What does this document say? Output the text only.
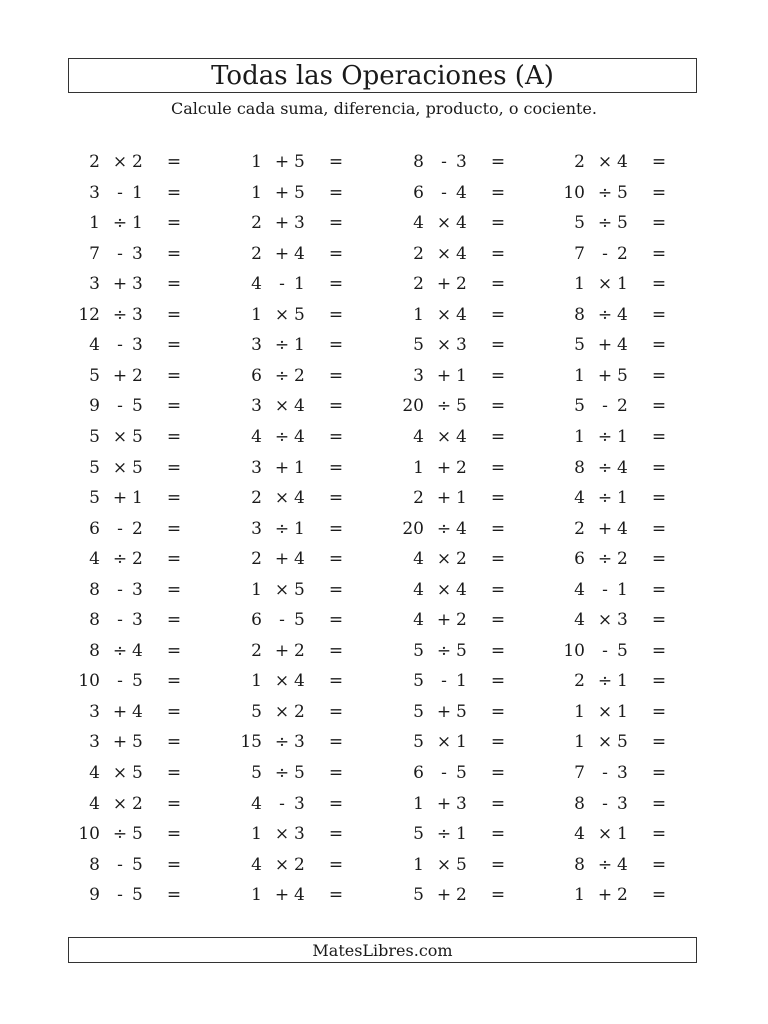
Todas las Operaciones (A)
Calcule cada suma, diferencia, producto, o cociente.
2 × 2	=	1 + 5	=	8	- 3	=	2 × 4	=
3	- 1	=	1 + 5	=	6	- 4	=	10 ÷ 5	=
1 ÷ 1	=	2 + 3	=	4 × 4	=	5 ÷ 5	=
7	- 3	=	2 + 4	=	2 × 4	=	7	- 2	=
3 + 3	=	4	- 1	=	2 + 2	=	1 × 1	=
12 ÷ 3	=	1 × 5	=	1 × 4	=	8 ÷ 4	=
4	- 3	=	3 ÷ 1	=	5 × 3	=	5 + 4	=
5 + 2	=	6 ÷ 2	=	3 + 1	=	1 + 5	=
9	- 5	=	3 × 4	=	20 ÷ 5	=	5	- 2	=
5 × 5	=	4 ÷ 4	=	4 × 4	=	1 ÷ 1	=
5 × 5	=	3 + 1	=	1 + 2	=	8 ÷ 4	=
5 + 1	=	2 × 4	=	2 + 1	=	4 ÷ 1	=
6	- 2	=	3 ÷ 1	=	20 ÷ 4	=	2 + 4	=
4 ÷ 2	=	2 + 4	=	4 × 2	=	6 ÷ 2	=
8	- 3	=	1 × 5	=	4 × 4	=	4	- 1	=
8	- 3	=	6	- 5	=	4 + 2	=	4 × 3	=
8 ÷ 4	=	2 + 2	=	5 ÷ 5	=	10	- 5	=
10	- 5	=	1 × 4	=	5	- 1	=	2 ÷ 1	=
3 + 4	=	5 × 2	=	5 + 5	=	1 × 1	=
3 + 5	=	15 ÷ 3	=	5 × 1	=	1 × 5	=
4 × 5	=	5 ÷ 5	=	6	- 5	=	7	- 3	=
4 × 2	=	4	- 3	=	1 + 3	=	8	- 3	=
10 ÷ 5	=	1 × 3	=	5 ÷ 1	=	4 × 1	=
8	- 5	=	4 × 2	=	1 × 5	=	8 ÷ 4	=
9	- 5	=	1 + 4	=	5 + 2	=	1 + 2	=
MatesLibres.com
